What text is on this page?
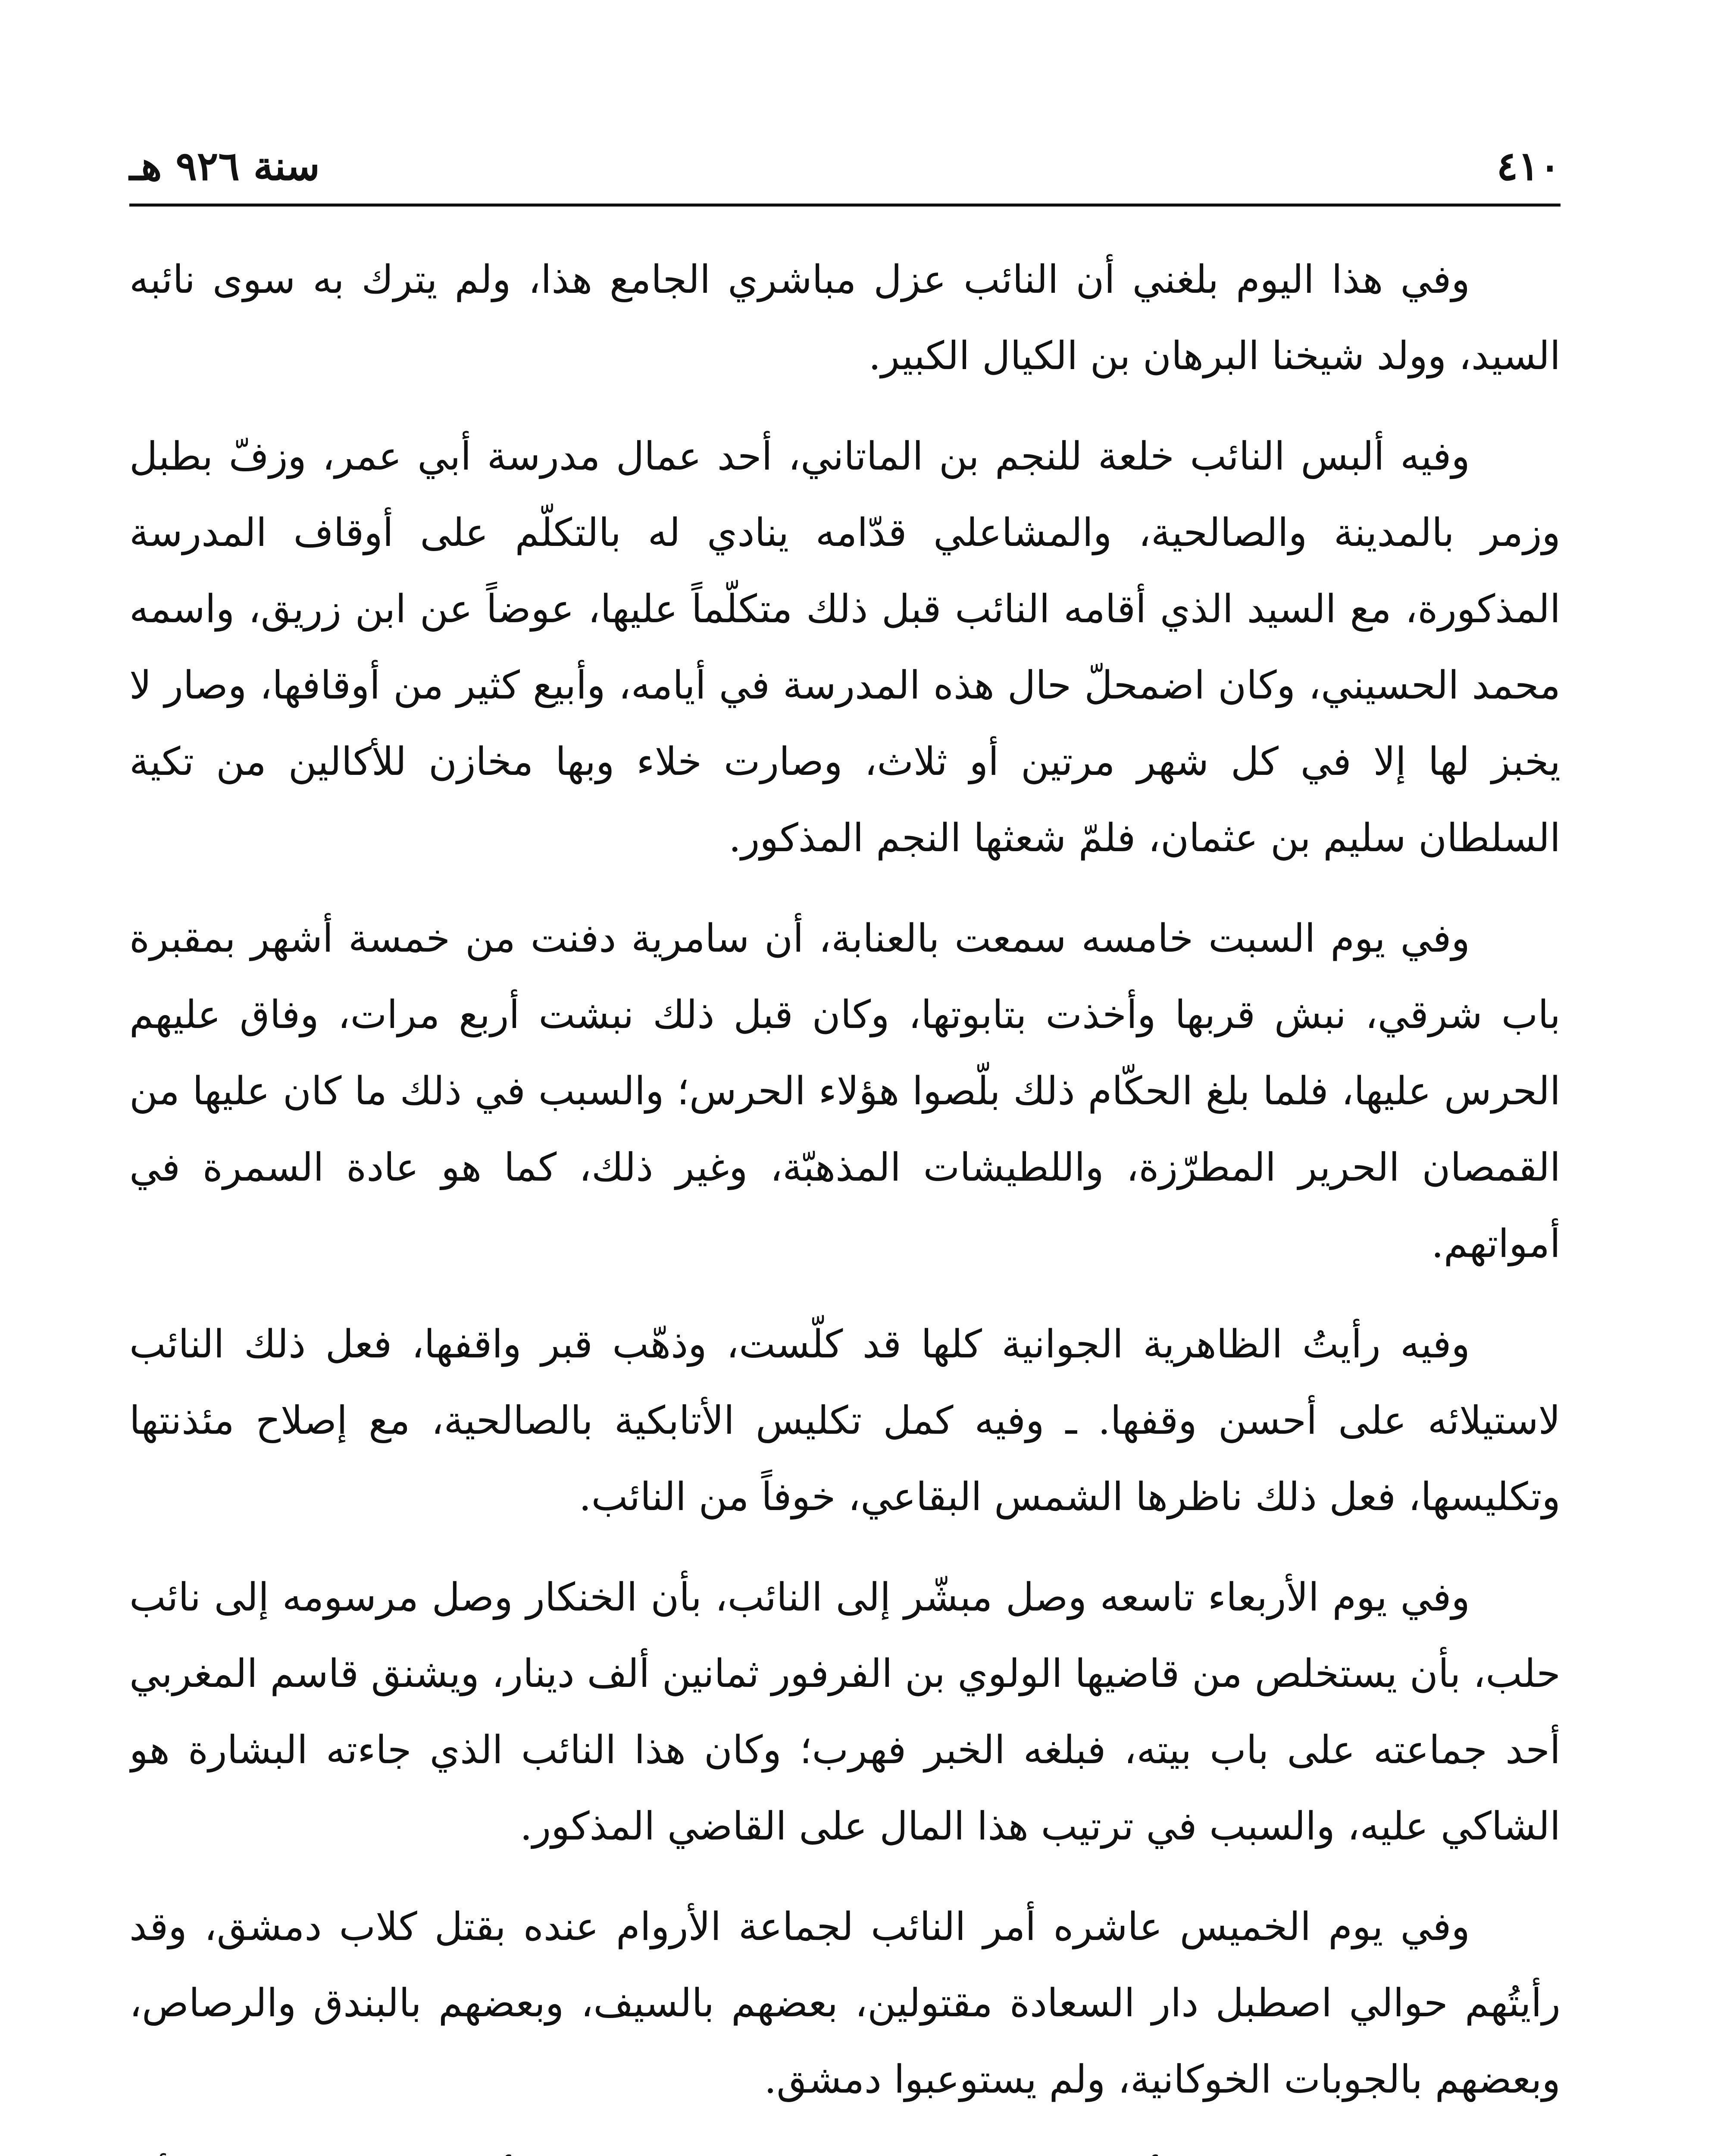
٤١٠
سنة ٩٢٦ هـ

وفي هذا اليوم بلغني أن النائب عزل مباشري الجامع هذا، ولم يترك به سوى نائبه السيد، وولد شيخنا البرهان بن الكيال الكبير.

وفيه ألبس النائب خلعة للنجم بن الماتاني، أحد عمال مدرسة أبي عمر، وزفّ بطبل وزمر بالمدينة والصالحية، والمشاعلي قدّامه ينادي له بالتكلّم على أوقاف المدرسة المذكورة، مع السيد الذي أقامه النائب قبل ذلك متكلّماً عليها، عوضاً عن ابن زريق، واسمه محمد الحسيني، وكان اضمحلّ حال هذه المدرسة في أيامه، وأبيع كثير من أوقافها، وصار لا يخبز لها إلا في كل شهر مرتين أو ثلاث، وصارت خلاء وبها مخازن للأكالين من تكية السلطان سليم بن عثمان، فلمّ شعثها النجم المذكور.

وفي يوم السبت خامسه سمعت بالعنابة، أن سامرية دفنت من خمسة أشهر بمقبرة باب شرقي، نبش قربها وأخذت بتابوتها، وكان قبل ذلك نبشت أربع مرات، وفاق عليهم الحرس عليها، فلما بلغ الحكّام ذلك بلّصوا هؤلاء الحرس؛ والسبب في ذلك ما كان عليها من القمصان الحرير المطرّزة، واللطيشات المذهبّة، وغير ذلك، كما هو عادة السمرة في أمواتهم.

وفيه رأيتُ الظاهرية الجوانية كلها قد كلّست، وذهّب قبر واقفها، فعل ذلك النائب لاستيلائه على أحسن وقفها. ـ وفيه كمل تكليس الأتابكية بالصالحية، مع إصلاح مئذنتها وتكليسها، فعل ذلك ناظرها الشمس البقاعي، خوفاً من النائب.

وفي يوم الأربعاء تاسعه وصل مبشّر إلى النائب، بأن الخنكار وصل مرسومه إلى نائب حلب، بأن يستخلص من قاضيها الولوي بن الفرفور ثمانين ألف دينار، ويشنق قاسم المغربي أحد جماعته على باب بيته، فبلغه الخبر فهرب؛ وكان هذا النائب الذي جاءته البشارة هو الشاكي عليه، والسبب في ترتيب هذا المال على القاضي المذكور.

وفي يوم الخميس عاشره أمر النائب لجماعة الأروام عنده بقتل كلاب دمشق، وقد رأيتُهم حوالي اصطبل دار السعادة مقتولين، بعضهم بالسيف، وبعضهم بالبندق والرصاص، وبعضهم بالجوبات الخوكانية، ولم يستوعبوا دمشق.
